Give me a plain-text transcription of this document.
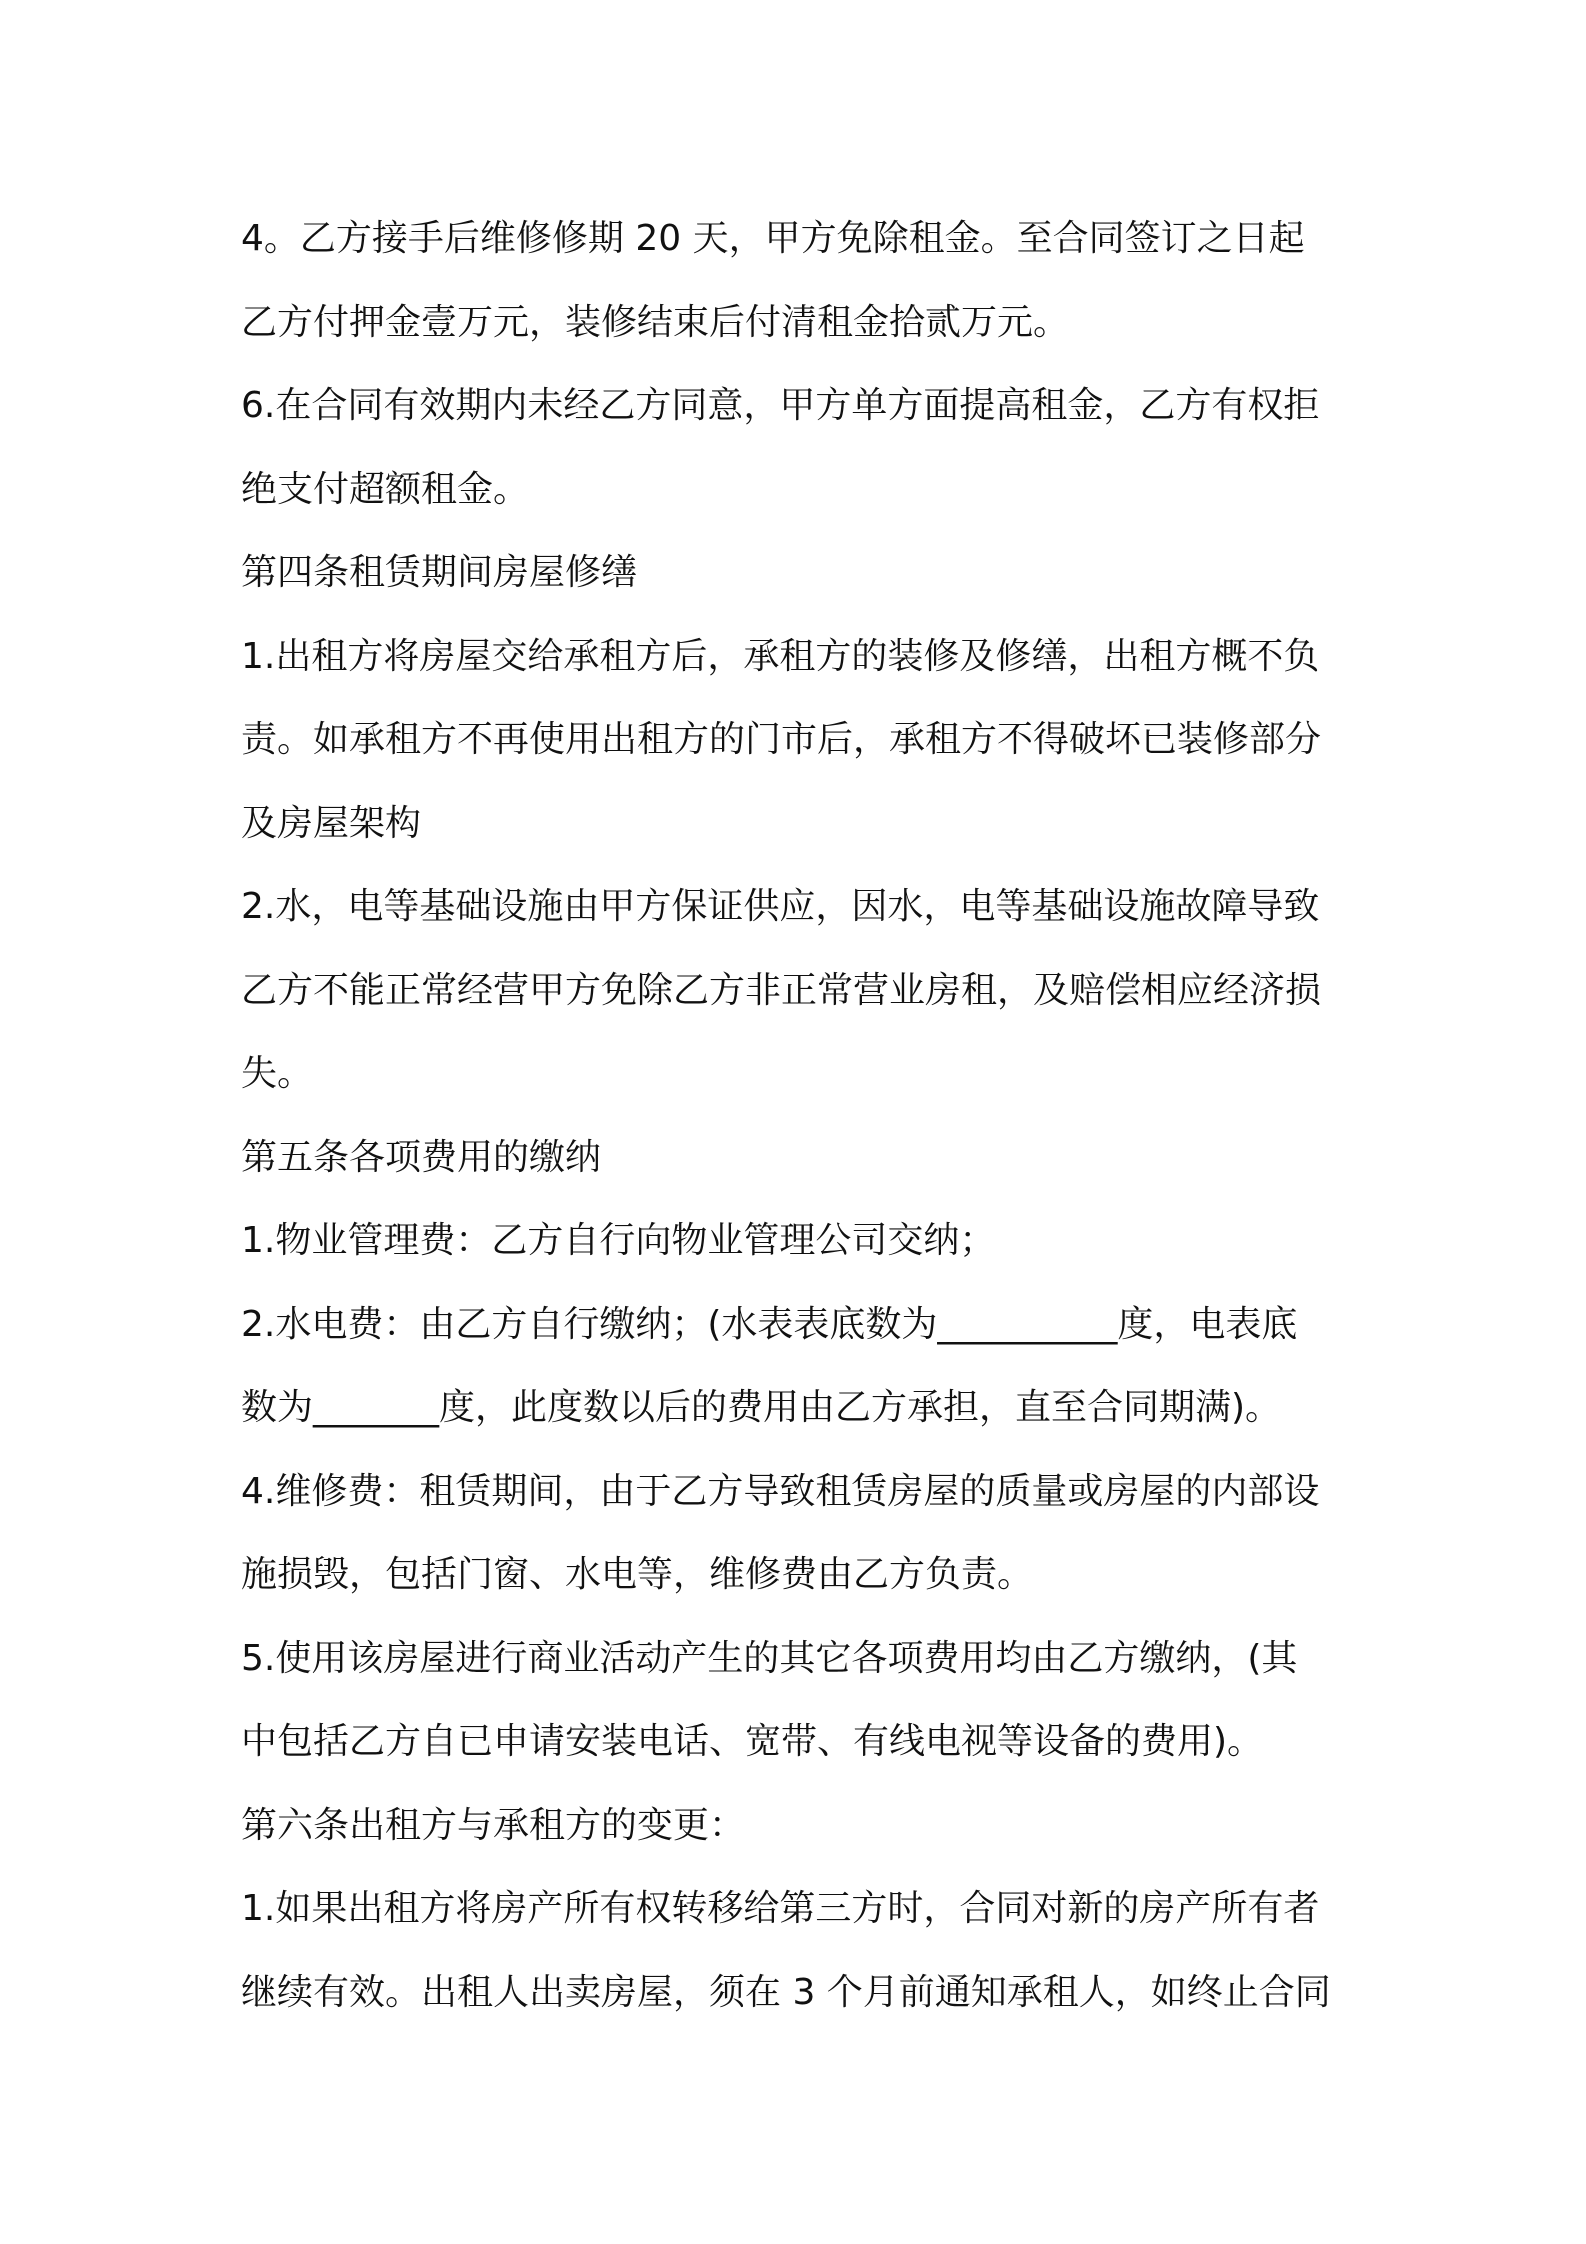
4。乙方接手后维修修期 20 天，甲方免除租金。至合同签订之日起
乙方付押金壹万元，装修结束后付清租金拾贰万元。
6.在合同有效期内未经乙方同意，甲方单方面提高租金，乙方有权拒
绝支付超额租金。
第四条租赁期间房屋修缮
1.出租方将房屋交给承租方后，承租方的装修及修缮，出租方概不负
责。如承租方不再使用出租方的门市后，承租方不得破坏已装修部分
及房屋架构
2.水，电等基础设施由甲方保证供应，因水，电等基础设施故障导致
乙方不能正常经营甲方免除乙方非正常营业房租，及赔偿相应经济损
失。
第五条各项费用的缴纳
1.物业管理费：乙方自行向物业管理公司交纳；
2.水电费：由乙方自行缴纳；(水表表底数为__________度，电表底
数为_______度，此度数以后的费用由乙方承担，直至合同期满)。
4.维修费：租赁期间，由于乙方导致租赁房屋的质量或房屋的内部设
施损毁，包括门窗、水电等，维修费由乙方负责。
5.使用该房屋进行商业活动产生的其它各项费用均由乙方缴纳，(其
中包括乙方自已申请安装电话、宽带、有线电视等设备的费用)。
第六条出租方与承租方的变更：
1.如果出租方将房产所有权转移给第三方时，合同对新的房产所有者
继续有效。出租人出卖房屋，须在 3 个月前通知承租人，如终止合同
